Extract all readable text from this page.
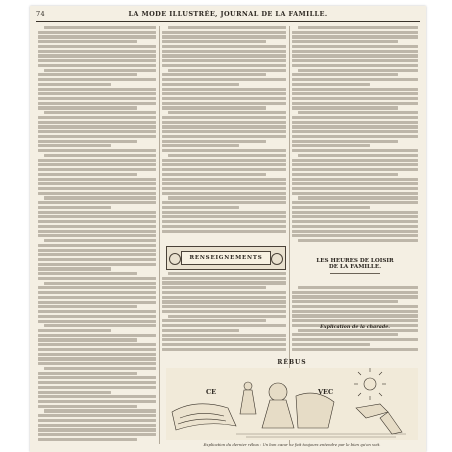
74	LA MODE ILLUSTRÉE, JOURNAL DE LA FAMILLE.
RENSEIGNEMENTS	LES HEURES DE LOISIR
DE LA FAMILLE.
Explication de la charade.
RÉBUS
CE	VEC
Explication du dernier rébus : Un bon cœur ne fait toujours entendre par le bien qu'on voit.
